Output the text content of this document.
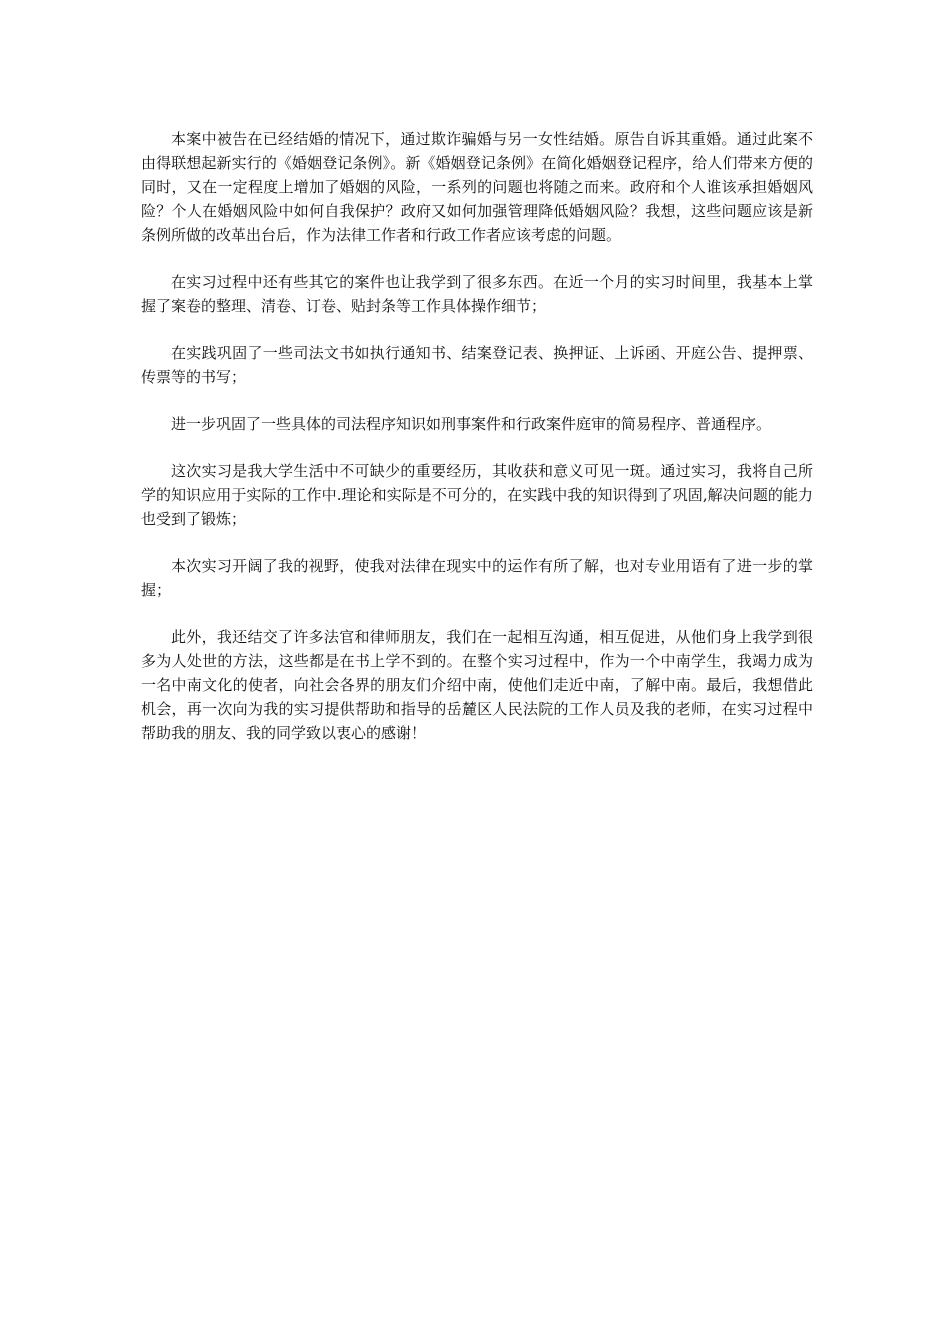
本案中被告在已经结婚的情况下，通过欺诈骗婚与另一女性结婚。原告自诉其重婚。通过此案不由得联想起新实行的《婚姻登记条例》。新《婚姻登记条例》在简化婚姻登记程序，给人们带来方便的同时，又在一定程度上增加了婚姻的风险，一系列的问题也将随之而来。政府和个人谁该承担婚姻风险？个人在婚姻风险中如何自我保护？政府又如何加强管理降低婚姻风险？我想，这些问题应该是新条例所做的改革出台后，作为法律工作者和行政工作者应该考虑的问题。

在实习过程中还有些其它的案件也让我学到了很多东西。在近一个月的实习时间里，我基本上掌握了案卷的整理、清卷、订卷、贴封条等工作具体操作细节；

在实践巩固了一些司法文书如执行通知书、结案登记表、换押证、上诉函、开庭公告、提押票、传票等的书写；

进一步巩固了一些具体的司法程序知识如刑事案件和行政案件庭审的简易程序、普通程序。

这次实习是我大学生活中不可缺少的重要经历，其收获和意义可见一斑。通过实习，我将自己所学的知识应用于实际的工作中.理论和实际是不可分的，在实践中我的知识得到了巩固,解决问题的能力也受到了锻炼；

本次实习开阔了我的视野，使我对法律在现实中的运作有所了解，也对专业用语有了进一步的掌握；

此外，我还结交了许多法官和律师朋友，我们在一起相互沟通，相互促进，从他们身上我学到很多为人处世的方法，这些都是在书上学不到的。在整个实习过程中，作为一个中南学生，我竭力成为一名中南文化的使者，向社会各界的朋友们介绍中南，使他们走近中南，了解中南。最后，我想借此机会，再一次向为我的实习提供帮助和指导的岳麓区人民法院的工作人员及我的老师，在实习过程中帮助我的朋友、我的同学致以衷心的感谢！
